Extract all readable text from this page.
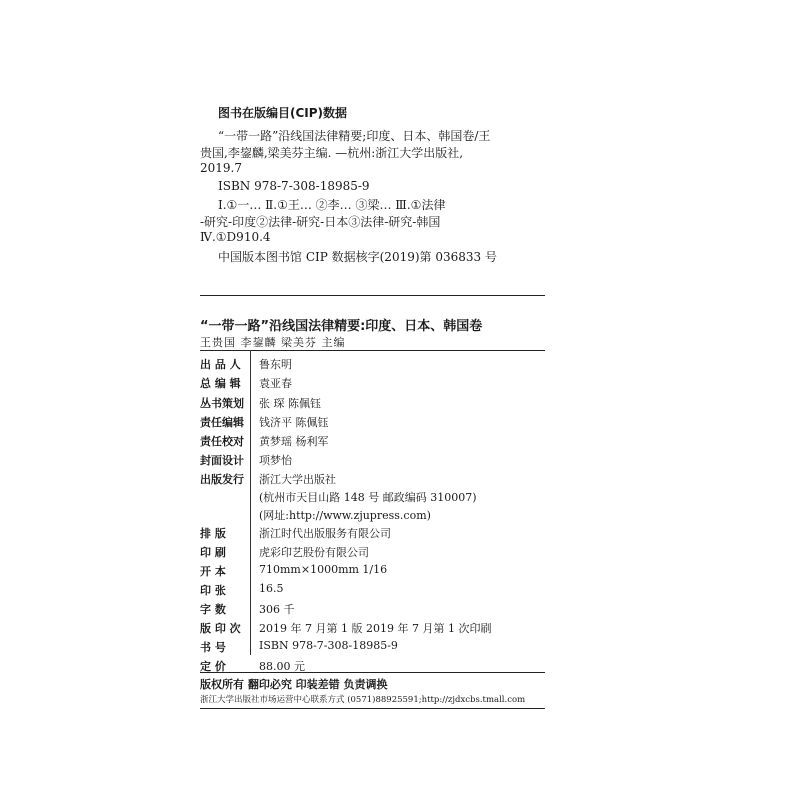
图书在版编目(CIP)数据
“一带一路”沿线国法律精要;印度、日本、韩国卷/王
贵国,李鋆麟,梁美芬主编. —杭州:浙江大学出版社,
2019.7
ISBN 978-7-308-18985-9
Ⅰ.①一… Ⅱ.①王… ②李… ③梁… Ⅲ.①法律
-研究-印度②法律-研究-日本③法律-研究-韩国
Ⅳ.①D910.4
中国版本图书馆 CIP 数据核字(2019)第 036833 号
“一带一路”沿线国法律精要:印度、日本、韩国卷
王贵国 李鋆麟 梁美芬 主编
出 品 人 鲁东明
总 编 辑 袁亚春
丛书策划 张 琛 陈佩钰
责任编辑 钱济平 陈佩钰
责任校对 黄梦瑶 杨利军
封面设计 项梦怡
出版发行 浙江大学出版社
(杭州市天目山路 148 号 邮政编码 310007)
(网址:http://www.zjupress.com)
排 版	浙江时代出版服务有限公司
印 刷	虎彩印艺股份有限公司
开 本	710mm×1000mm 1/16
印 张	16.5
字 数	306 千
版 印 次 2019 年 7 月第 1 版 2019 年 7 月第 1 次印刷
书 号	ISBN 978-7-308-18985-9
定 价	88.00 元
版权所有 翻印必究 印装差错 负责调换
浙江大学出版社市场运营中心联系方式 (0571)88925591;http://zjdxcbs.tmall.com
